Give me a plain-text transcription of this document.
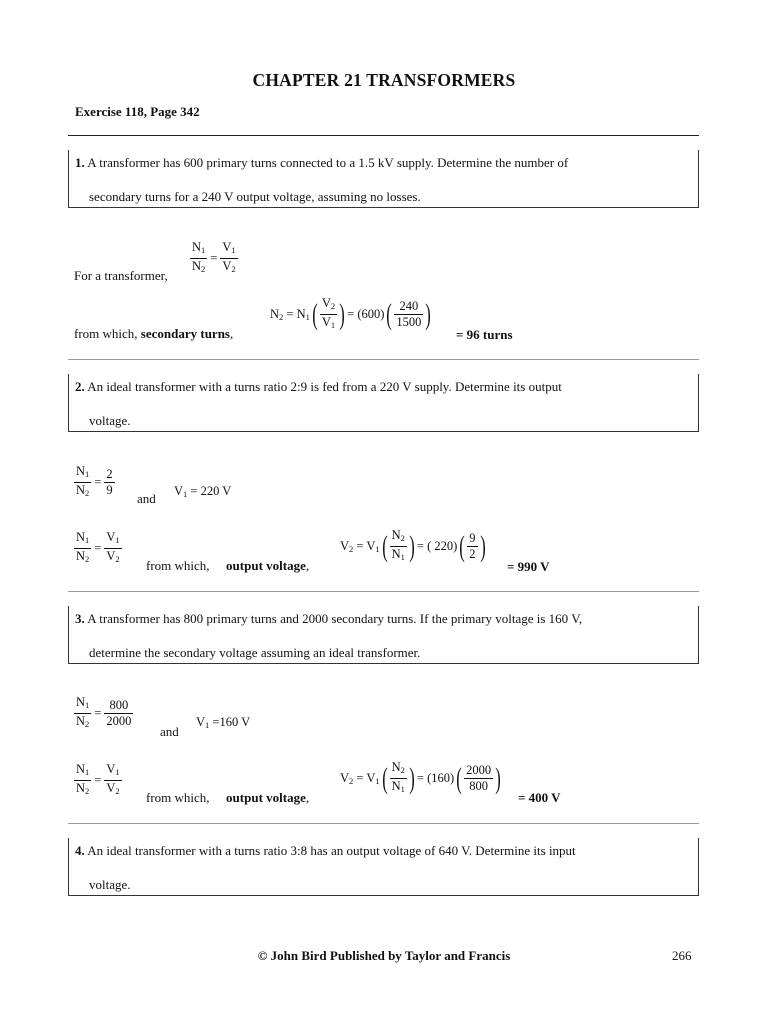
CHAPTER 21 TRANSFORMERS
Exercise 118, Page 342
1. A transformer has 600 primary turns connected to a 1.5 kV supply. Determine the number of
secondary turns for a 240 V output voltage, assuming no losses.
$\frac{N_1}{N_2} = \frac{V_1}{V_2}$
For a transformer,
$N_2 = N_1$ ( $\frac{V_2}{V_1}$ ) = (600) ( $\frac{240}{1500}$ )
from which, secondary turns,	= 96 turns
2. An ideal transformer with a turns ratio 2:9 is fed from a 220 V supply. Determine its output
voltage.
$\frac{N_1}{N_2} = \frac{2}{9}$
and $V_1 = 220$ V
$\frac{N_1}{N_2} = \frac{V_1}{V_2}$ from which, output voltage,
$V_2 = V_1$ ( $\frac{N_2}{N_1}$ ) = ( 220) ( $\frac{9}{2}$ )
= 990 V
3. A transformer has 800 primary turns and 2000 secondary turns. If the primary voltage is 160 V,
determine the secondary voltage assuming an ideal transformer.
$\frac{N_1}{N_2} = \frac{800}{2000}$
and
$V_1 =160$ V
$\frac{N_1}{N_2} = \frac{V_1}{V_2}$ from which, output voltage,
$V_2 = V_1$ ( $\frac{N_2}{N_1}$ ) = (160) ( $\frac{2000}{800}$ )
= 400 V
4. An ideal transformer with a turns ratio 3:8 has an output voltage of 640 V. Determine its input
voltage.
© John Bird Published by Taylor and Francis	266
